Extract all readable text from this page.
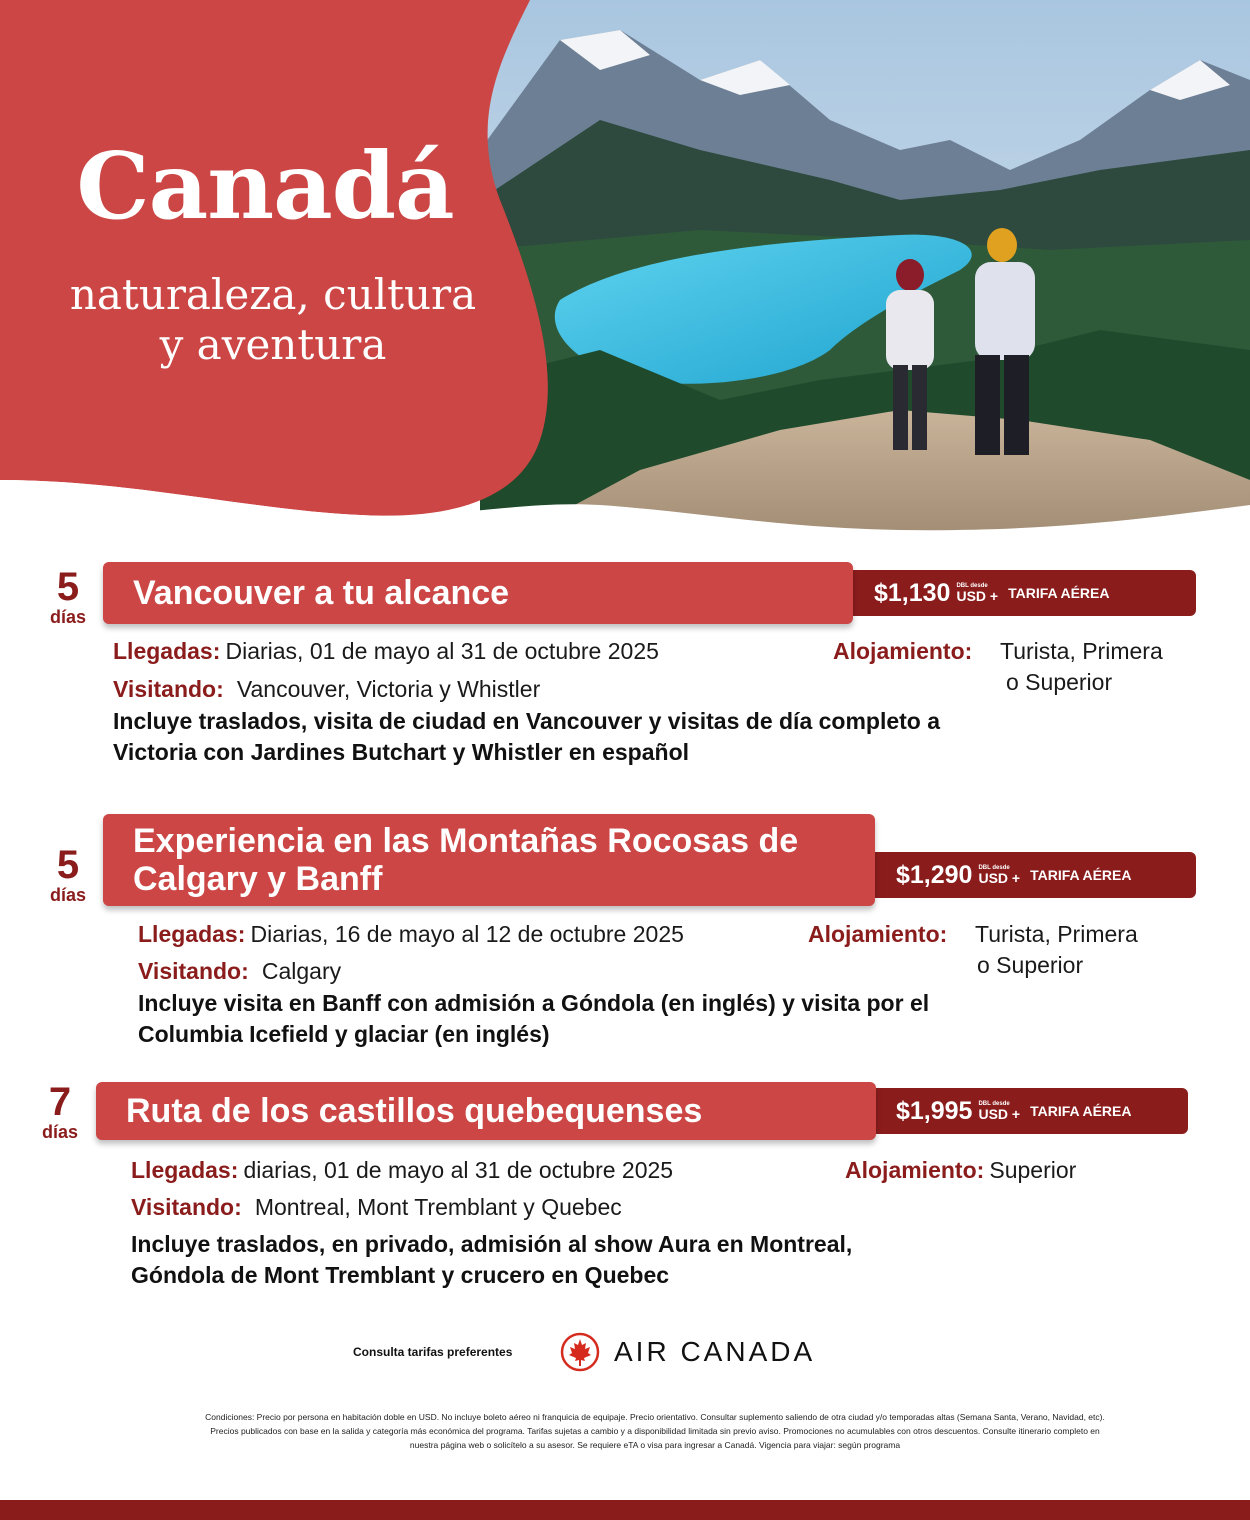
Canadá
naturaleza, cultura
y aventura
5
días
$1,130 DBL desde
USD + TARIFA AÉREA
Vancouver a tu alcance
Llegadas: Diarias, 01 de mayo al 31 de octubre 2025
Visitando: Vancouver, Victoria y Whistler
Alojamiento: Turista, Primera
o Superior
Incluye traslados, visita de ciudad en Vancouver y visitas de día completo a
Victoria con Jardines Butchart y Whistler en español
5
días
$1,290 DBL desde
USD + TARIFA AÉREA
Experiencia en las Montañas Rocosas de
Calgary y Banff
Llegadas: Diarias, 16 de mayo al 12 de octubre 2025
Visitando: Calgary
Alojamiento: Turista, Primera
o Superior
Incluye visita en Banff con admisión a Góndola (en inglés) y visita por el
Columbia Icefield y glaciar (en inglés)
7
días
$1,995 DBL desde
USD + TARIFA AÉREA
Ruta de los castillos quebequenses
Llegadas: diarias, 01 de mayo al 31 de octubre 2025
Visitando: Montreal, Mont Tremblant y Quebec
Alojamiento: Superior
Incluye traslados, en privado, admisión al show Aura en Montreal,
Góndola de Mont Tremblant y crucero en Quebec
Consulta tarifas preferentes	AIR CANADA
Condiciones: Precio por persona en habitación doble en USD. No incluye boleto aéreo ni franquicia de equipaje. Precio orientativo. Consultar suplemento saliendo de otra ciudad y/o temporadas altas (Semana Santa, Verano, Navidad, etc).
Precios publicados con base en la salida y categoría más económica del programa. Tarifas sujetas a cambio y a disponibilidad limitada sin previo aviso. Promociones no acumulables con otros descuentos. Consulte itinerario completo en
nuestra página web o solicítelo a su asesor. Se requiere eTA o visa para ingresar a Canadá. Vigencia para viajar: según programa
